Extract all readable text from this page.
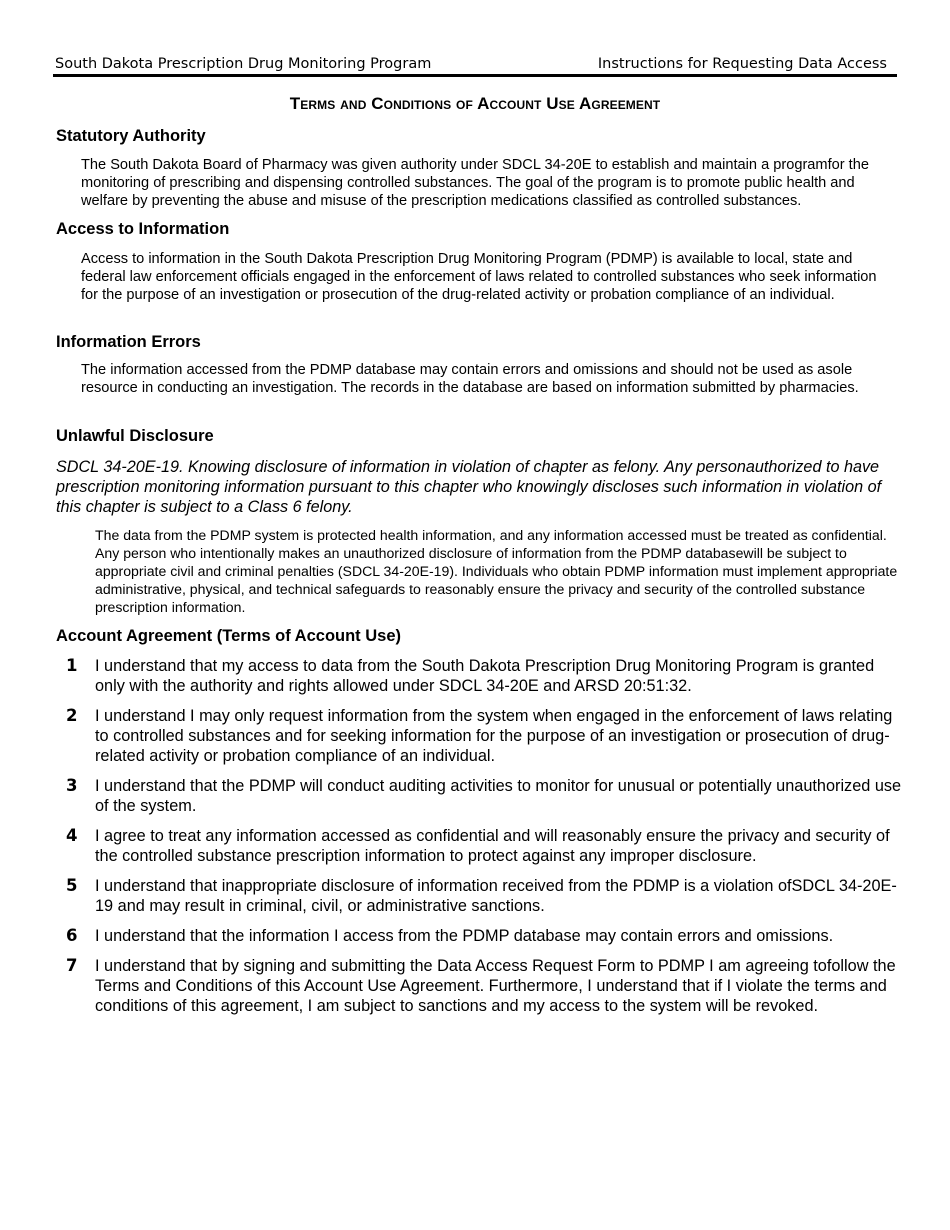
South Dakota Prescription Drug Monitoring Program	Instructions for Requesting Data Access
Terms and Conditions of Account Use Agreement
Statutory Authority

The South Dakota Board of Pharmacy was given authority under SDCL 34-20E to establish and maintain a programfor the monitoring of prescribing and dispensing controlled substances. The goal of the program is to promote public health and welfare by preventing the abuse and misuse of the prescription medications classified as controlled substances.

Access to Information

Access to information in the South Dakota Prescription Drug Monitoring Program (PDMP) is available to local, state and federal law enforcement officials engaged in the enforcement of laws related to controlled substances who seek information for the purpose of an investigation or prosecution of the drug-related activity or probation compliance of an individual.

Information Errors

The information accessed from the PDMP database may contain errors and omissions and should not be used as asole resource in conducting an investigation. The records in the database are based on information submitted by pharmacies.

Unlawful Disclosure

SDCL 34-20E-19. Knowing disclosure of information in violation of chapter as felony. Any personauthorized to have prescription monitoring information pursuant to this chapter who knowingly discloses such information in violation of this chapter is subject to a Class 6 felony.

The data from the PDMP system is protected health information, and any information accessed must be treated as confidential. Any person who intentionally makes an unauthorized disclosure of information from the PDMP databasewill be subject to appropriate civil and criminal penalties (SDCL 34-20E-19). Individuals who obtain PDMP information must implement appropriate administrative, physical, and technical safeguards to reasonably ensure the privacy and security of the controlled substance prescription information.

Account Agreement (Terms of Account Use)
1 I understand that my access to data from the South Dakota Prescription Drug Monitoring Program is granted only with the authority and rights allowed under SDCL 34-20E and ARSD 20:51:32.
2 I understand I may only request information from the system when engaged in the enforcement of laws relating to controlled substances and for seeking information for the purpose of an investigation or prosecution of drug-related activity or probation compliance of an individual.
3 I understand that the PDMP will conduct auditing activities to monitor for unusual or potentially unauthorized use of the system.
4 I agree to treat any information accessed as confidential and will reasonably ensure the privacy and security of the controlled substance prescription information to protect against any improper disclosure.
5 I understand that inappropriate disclosure of information received from the PDMP is a violation ofSDCL 34-20E-19 and may result in criminal, civil, or administrative sanctions.
6 I understand that the information I access from the PDMP database may contain errors and omissions.
7 I understand that by signing and submitting the Data Access Request Form to PDMP I am agreeing tofollow the Terms and Conditions of this Account Use Agreement. Furthermore, I understand that if I violate the terms and conditions of this agreement, I am subject to sanctions and my access to the system will be revoked.
